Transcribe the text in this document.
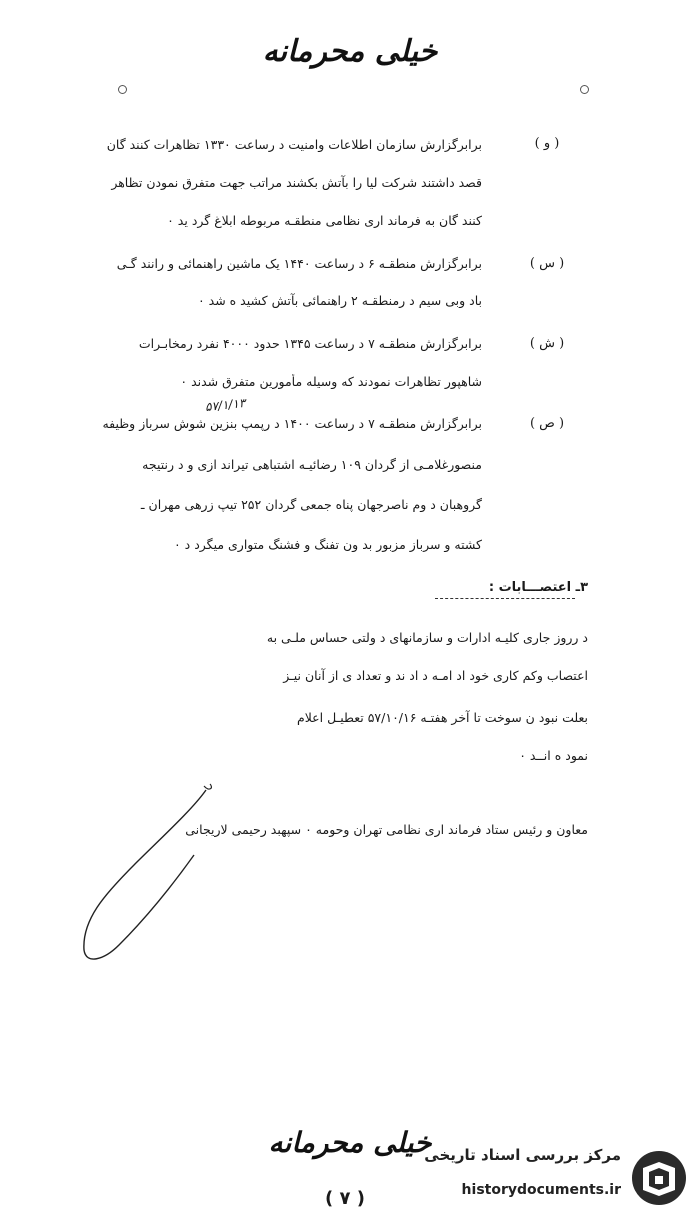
خیلی محرمانه
( و )
برابرگزارش سازمان اطلاعات وامنیت د رساعت ۱۳۳۰ تظاهرات کنند گان
قصد داشتند شرکت لیا را بآتش بکشند مراتب جهت متفرق نمودن تظاهر
کنند گان به فرماند اری نظامی منطقـه مربوطه ابلاغ گرد ید ۰
( س )
برابرگزارش منطقـه ۶ د رساعت ۱۴۴۰ یک ماشین راهنمائی و رانند گـی
باد وبی سیم د رمنطقـه ۲ راهنمائی بآتش کشید ه شد ۰
( ش )
برابرگزارش منطقـه ۷ د رساعت ۱۳۴۵ حدود ۴۰۰۰ نفرد رمخابـرات
شاهپور تظاهرات نمودند که وسیله مأمورین متفرق شدند ۰
۵۷/۱/۱۳
( ص )
برابرگزارش منطقـه ۷ د رساعت ۱۴۰۰ د رپمپ بنزین شوش سرباز وظیفه
منصورغلامـی از گردان ۱۰۹ رضائیـه اشتباهی تیراند ازی و د رنتیجه
گروهبان د وم ناصرجهان پناه جمعی گردان ۲۵۲ تیپ زرهی مهران ـ
کشته و سرباز مزبور بد ون تفنگ و فشنگ متواری میگرد د ۰
۳ـ اعتصـــابات :
د رروز جاری کلیـه ادارات و سازمانهای د ولتی حساس ملـی به
اعتصاب وکم کاری خود اد امـه د اد ند و تعداد ی از آنان نیـز
بعلت نبود ن سوخت تا آخر هفتـه ۵۷/۱۰/۱۶ تعطیـل اعلام
نمود ه انــد ۰
معاون و رئیس ستاد فرماند اری نظامی تهران وحومه ۰ سپهبد رحیمی لاریجانی
خیلی محرمانه
( ۷ )
مرکز بررسی اسناد تاریخی
historydocuments.ir
